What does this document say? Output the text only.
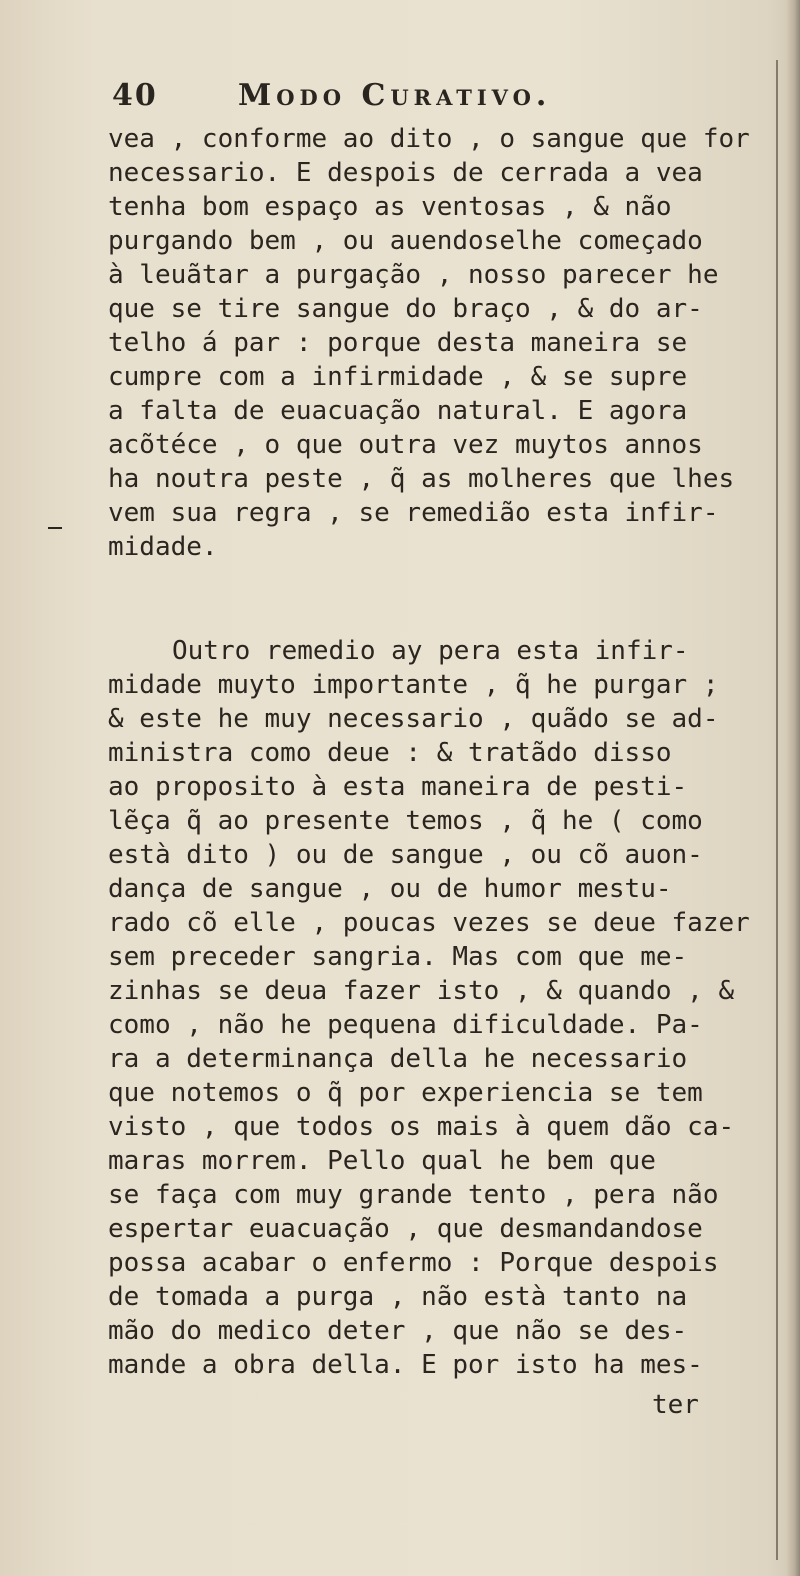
40	Modo Curativo.
vea , conforme ao dito , o sangue que for
necessario. E despois de cerrada a vea
tenha bom espaço as ventosas , & não
purgando bem , ou auendoselhe começado
à leuãtar a purgação , nosso parecer he
que se tire sangue do braço , & do ar-
telho á par : porque desta maneira se
cumpre com a infirmidade , & se supre
a falta de euacuação natural. E agora
acõtéce , o que outra vez muytos annos
ha noutra peste , q̃ as molheres que lhes
vem sua regra , se remedião esta infir-
midade.
Outro remedio ay pera esta infir-
midade muyto importante , q̃ he purgar ;
& este he muy necessario , quãdo se ad-
ministra como deue : & tratãdo disso
ao proposito à esta maneira de pesti-
lẽça q̃ ao presente temos , q̃ he ( como
està dito ) ou de sangue , ou cõ auon-
dança de sangue , ou de humor mestu-
rado cõ elle , poucas vezes se deue fazer
sem preceder sangria. Mas com que me-
zinhas se deua fazer isto , & quando , &
como , não he pequena dificuldade. Pa-
ra a determinança della he necessario
que notemos o q̃ por experiencia se tem
visto , que todos os mais à quem dão ca-
maras morrem. Pello qual he bem que
se faça com muy grande tento , pera não
espertar euacuação , que desmandandose
possa acabar o enfermo : Porque despois
de tomada a purga , não està tanto na
mão do medico deter , que não se des-
mande a obra della. E por isto ha mes-
ter
